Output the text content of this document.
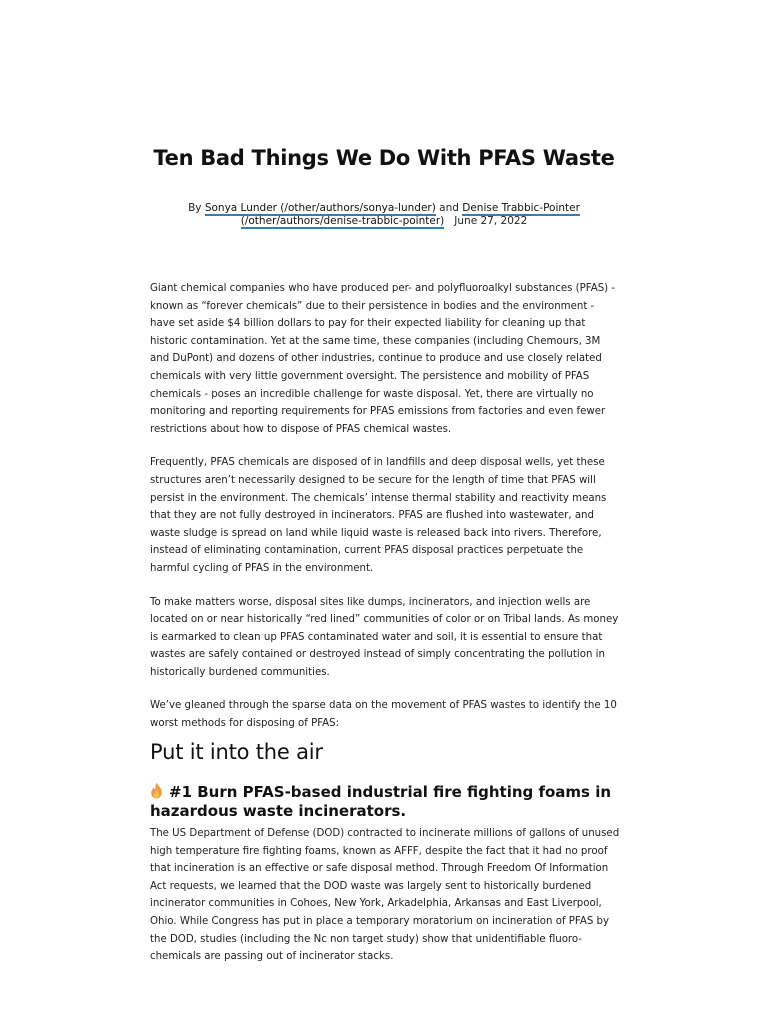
Ten Bad Things We Do With PFAS Waste
By Sonya Lunder (/other/authors/sonya-lunder) and Denise Trabbic-Pointer
(/other/authors/denise-trabbic-pointer) June 27, 2022

Giant chemical companies who have produced per- and polyfluoroalkyl substances (PFAS) - known as “forever chemicals” due to their persistence in bodies and the environment - have set aside $4 billion dollars to pay for their expected liability for cleaning up that historic contamination. Yet at the same time, these companies (including Chemours, 3M and DuPont) and dozens of other industries, continue to produce and use closely related chemicals with very little government oversight. The persistence and mobility of PFAS chemicals - poses an incredible challenge for waste disposal. Yet, there are virtually no monitoring and reporting requirements for PFAS emissions from factories and even fewer restrictions about how to dispose of PFAS chemical wastes.

Frequently, PFAS chemicals are disposed of in landfills and deep disposal wells, yet these structures aren’t necessarily designed to be secure for the length of time that PFAS will persist in the environment. The chemicals’ intense thermal stability and reactivity means that they are not fully destroyed in incinerators. PFAS are flushed into wastewater, and waste sludge is spread on land while liquid waste is released back into rivers. Therefore, instead of eliminating contamination, current PFAS disposal practices perpetuate the harmful cycling of PFAS in the environment.

To make matters worse, disposal sites like dumps, incinerators, and injection wells are located on or near historically “red lined” communities of color or on Tribal lands. As money is earmarked to clean up PFAS contaminated water and soil, it is essential to ensure that wastes are safely contained or destroyed instead of simply concentrating the pollution in historically burdened communities.

We’ve gleaned through the sparse data on the movement of PFAS wastes to identify the 10 worst methods for disposing of PFAS:

Put it into the air
#1 Burn PFAS-based industrial fire fighting foams in hazardous waste incinerators.

The US Department of Defense (DOD) contracted to incinerate millions of gallons of unused high temperature fire fighting foams, known as AFFF, despite the fact that it had no proof that incineration is an effective or safe disposal method. Through Freedom Of Information Act requests, we learned that the DOD waste was largely sent to historically burdened incinerator communities in Cohoes, New York, Arkadelphia, Arkansas and East Liverpool, Ohio. While Congress has put in place a temporary moratorium on incineration of PFAS by the DOD, studies (including the Nc non target study) show that unidentifiable fluoro-chemicals are passing out of incinerator stacks.
